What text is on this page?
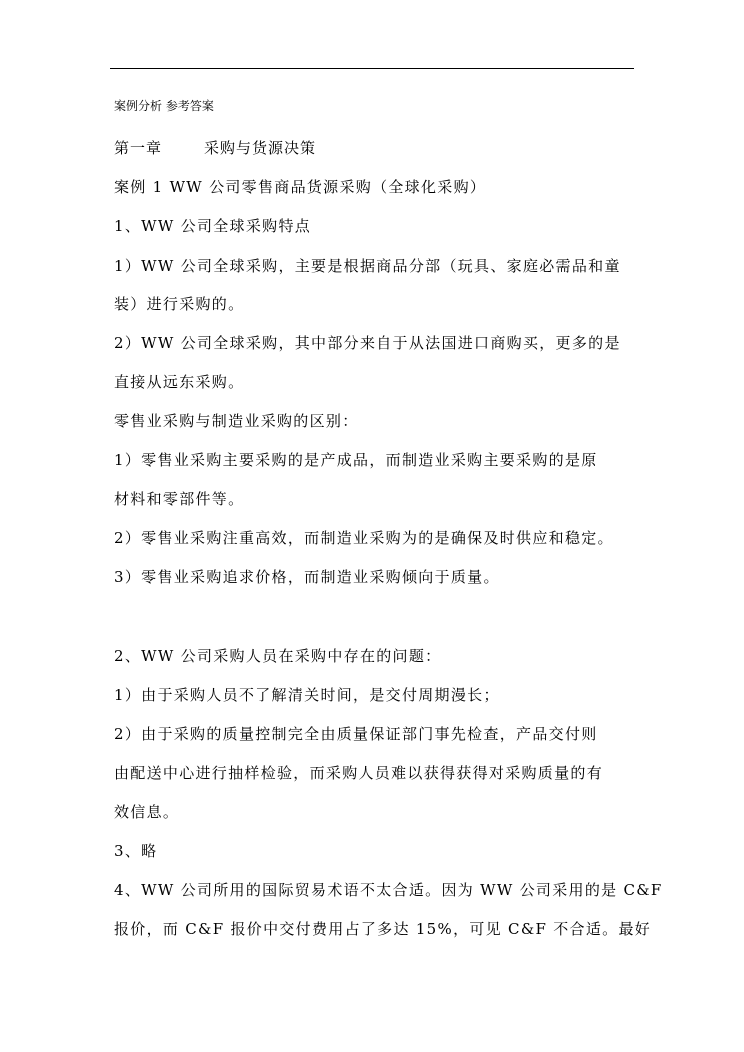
案例分析 参考答案
第一章	采购与货源决策
案例 1 WW 公司零售商品货源采购（全球化采购）
1、WW 公司全球采购特点
1）WW 公司全球采购，主要是根据商品分部（玩具、家庭必需品和童
装）进行采购的。
2）WW 公司全球采购，其中部分来自于从法国进口商购买，更多的是
直接从远东采购。
零售业采购与制造业采购的区别：
1）零售业采购主要采购的是产成品，而制造业采购主要采购的是原
材料和零部件等。
2）零售业采购注重高效，而制造业采购为的是确保及时供应和稳定。
3）零售业采购追求价格，而制造业采购倾向于质量。
2、WW 公司采购人员在采购中存在的问题：
1）由于采购人员不了解清关时间，是交付周期漫长；
2）由于采购的质量控制完全由质量保证部门事先检查，产品交付则
由配送中心进行抽样检验，而采购人员难以获得获得对采购质量的有
效信息。
3、略
4、WW 公司所用的国际贸易术语不太合适。因为 WW 公司采用的是 C&F
报价，而 C&F 报价中交付费用占了多达 15%，可见 C&F 不合适。最好
